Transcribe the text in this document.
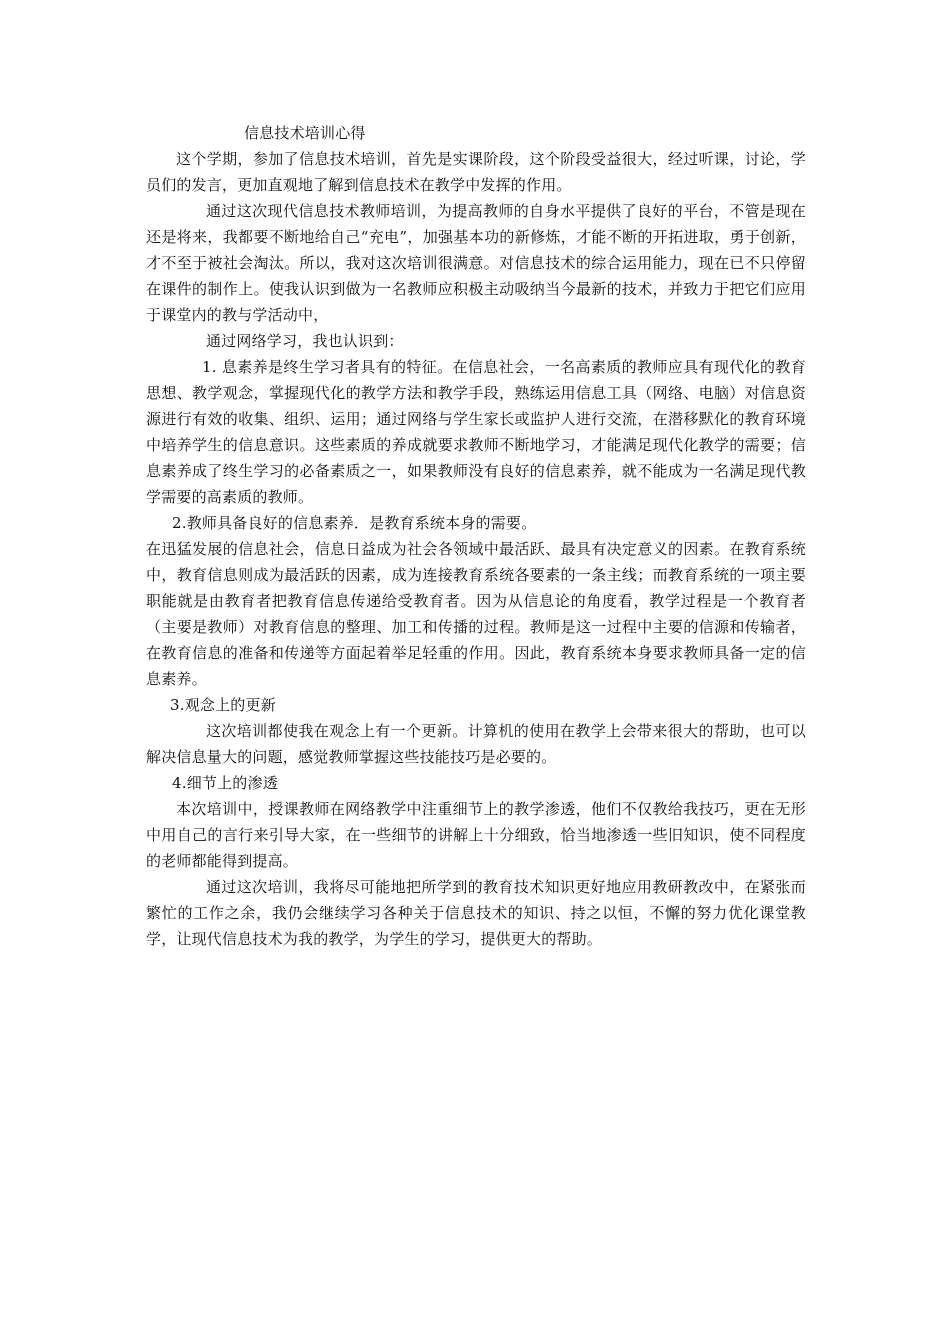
信息技术培训心得

这个学期，参加了信息技术培训，首先是实课阶段，这个阶段受益很大，经过听课，讨论，学员们的发言，更加直观地了解到信息技术在教学中发挥的作用。

通过这次现代信息技术教师培训，为提高教师的自身水平提供了良好的平台，不管是现在还是将来，我都要不断地给自己“充电”，加强基本功的新修炼，才能不断的开拓进取，勇于创新，才不至于被社会淘汰。所以，我对这次培训很满意。对信息技术的综合运用能力，现在已不只停留在课件的制作上。使我认识到做为一名教师应积极主动吸纳当今最新的技术，并致力于把它们应用于课堂内的教与学活动中，

通过网络学习，我也认识到：

1. 息素养是终生学习者具有的特征。在信息社会，一名高素质的教师应具有现代化的教育思想、教学观念，掌握现代化的教学方法和教学手段，熟练运用信息工具（网络、电脑）对信息资源进行有效的收集、组织、运用；通过网络与学生家长或监护人进行交流，在潜移默化的教育环境中培养学生的信息意识。这些素质的养成就要求教师不断地学习，才能满足现代化教学的需要；信息素养成了终生学习的必备素质之一，如果教师没有良好的信息素养，就不能成为一名满足现代教学需要的高素质的教师。

2.教师具备良好的信息素养．是教育系统本身的需要。

在迅猛发展的信息社会，信息日益成为社会各领域中最活跃、最具有决定意义的因素。在教育系统中，教育信息则成为最活跃的因素，成为连接教育系统各要素的一条主线；而教育系统的一项主要职能就是由教育者把教育信息传递给受教育者。因为从信息论的角度看，教学过程是一个教育者（主要是教师）对教育信息的整理、加工和传播的过程。教师是这一过程中主要的信源和传输者，在教育信息的准备和传递等方面起着举足轻重的作用。因此，教育系统本身要求教师具备一定的信息素养。

3.观念上的更新

这次培训都使我在观念上有一个更新。计算机的使用在教学上会带来很大的帮助，也可以解决信息量大的问题，感觉教师掌握这些技能技巧是必要的。

4.细节上的渗透

本次培训中，授课教师在网络教学中注重细节上的教学渗透，他们不仅教给我技巧，更在无形中用自己的言行来引导大家，在一些细节的讲解上十分细致，恰当地渗透一些旧知识，使不同程度的老师都能得到提高。

通过这次培训，我将尽可能地把所学到的教育技术知识更好地应用教研教改中，在紧张而繁忙的工作之余，我仍会继续学习各种关于信息技术的知识、持之以恒，不懈的努力优化课堂教学，让现代信息技术为我的教学，为学生的学习，提供更大的帮助。
